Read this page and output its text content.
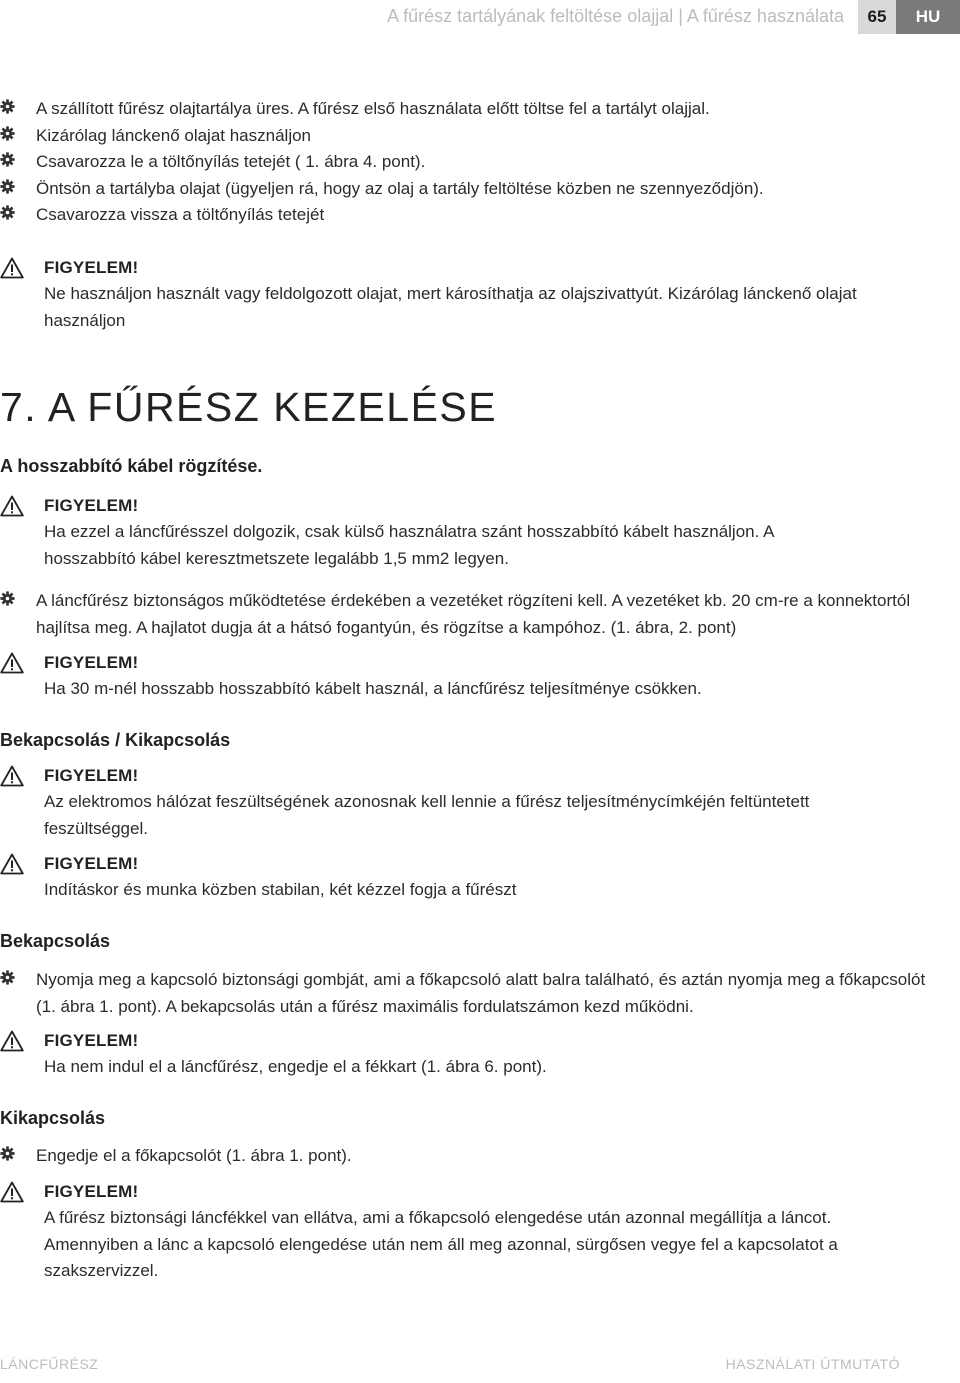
A fűrész tartályának feltöltése olajjal | A fűrész használata	65	HU
A szállított fűrész olajtartálya üres. A fűrész első használata előtt töltse fel a tartályt olajjal.
Kizárólag lánckenő olajat használjon
Csavarozza le a töltőnyílás tetejét ( 1. ábra 4. pont).
Öntsön a tartályba olajat (ügyeljen rá, hogy az olaj a tartály feltöltése közben ne szennyeződjön).
Csavarozza vissza a töltőnyílás tetejét
FIGYELEM!
Ne használjon használt vagy feldolgozott olajat, mert károsíthatja az olajszivattyút. Kizárólag lánckenő olajat használjon
7. A FŰRÉSZ KEZELÉSE
A hosszabbító kábel rögzítése.
FIGYELEM!
Ha ezzel a láncfűrésszel dolgozik, csak külső használatra szánt hosszabbító kábelt használjon. A hosszabbító kábel keresztmetszete legalább 1,5 mm2 legyen.
A láncfűrész biztonságos működtetése érdekében a vezetéket rögzíteni kell. A vezetéket kb. 20 cm-re a konnektortól hajlítsa meg. A hajlatot dugja át a hátsó fogantyún, és rögzítse a kampóhoz. (1. ábra, 2. pont)
FIGYELEM!
Ha 30 m-nél hosszabb hosszabbító kábelt használ, a láncfűrész teljesítménye csökken.
Bekapcsolás / Kikapcsolás
FIGYELEM!
Az elektromos hálózat feszültségének azonosnak kell lennie a fűrész teljesítménycímkéjén feltüntetett feszültséggel.
FIGYELEM!
Indításkor és munka közben stabilan, két kézzel fogja a fűrészt
Bekapcsolás
Nyomja meg a kapcsoló biztonsági gombját, ami a főkapcsoló alatt balra található, és aztán nyomja meg a főkapcsolót (1. ábra 1. pont). A bekapcsolás után a fűrész maximális fordulatszámon kezd működni.
FIGYELEM!
Ha nem indul el a láncfűrész, engedje el a fékkart (1. ábra 6. pont).
Kikapcsolás
Engedje el a főkapcsolót (1. ábra 1. pont).
FIGYELEM!
A fűrész biztonsági láncfékkel van ellátva, ami a főkapcsoló elengedése után azonnal megállítja a láncot. Amennyiben a lánc a kapcsoló elengedése után nem áll meg azonnal, sürgősen vegye fel a kapcsolatot a szakszervizzel.
LÁNCFŰRÉSZ	HASZNÁLATI ÚTMUTATÓ
